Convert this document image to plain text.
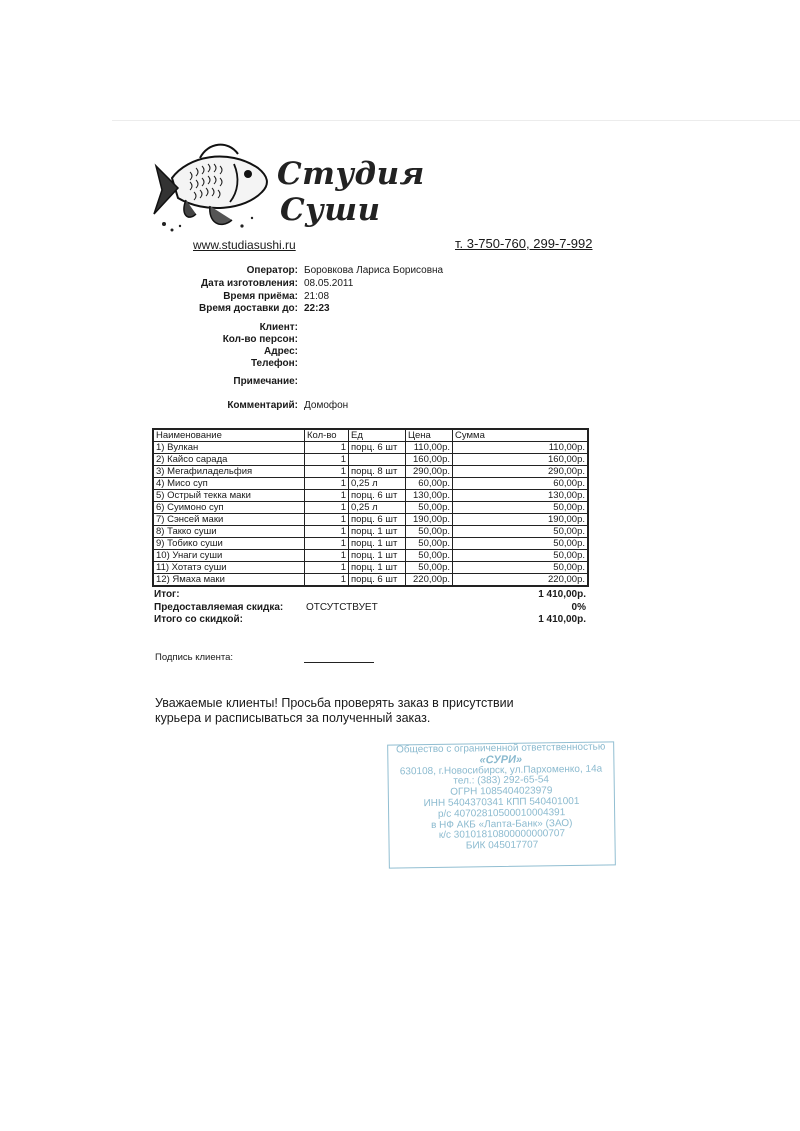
Студия
Суши
www.studiasushi.ru	т. 3-750-760, 299-7-992
Оператор: Боровкова Лариса Борисовна
Дата изготовления: 08.05.2011
Время приёма: 21:08
Время доставки до: 22:23
Клиент:
Кол-во персон:
Адрес:
Телефон:
Примечание:
Комментарий: Домофон
Наименование	Кол-во	Ед	Цена	Сумма
1) Вулкан	1	порц. 6 шт	110,00р.	110,00р.
2) Кайсо сарада	1		160,00р.	160,00р.
3) Мегафиладельфия	1	порц. 8 шт	290,00р.	290,00р.
4) Мисо суп	1	0,25 л	60,00р.	60,00р.
5) Острый текка маки	1	порц. 6 шт	130,00р.	130,00р.
6) Суимоно суп	1	0,25 л	50,00р.	50,00р.
7) Сэнсей маки	1	порц. 6 шт	190,00р.	190,00р.
8) Такко суши	1	порц. 1 шт	50,00р.	50,00р.
9) Тобико суши	1	порц. 1 шт	50,00р.	50,00р.
10) Унаги суши	1	порц. 1 шт	50,00р.	50,00р.
11) Хотатэ суши	1	порц. 1 шт	50,00р.	50,00р.
12) Ямаха маки	1	порц. 6 шт	220,00р.	220,00р.
Итог:	1 410,00р.
Предоставляемая скидка: ОТСУТСТВУЕТ	0%
Итого со скидкой:	1 410,00р.
Подпись клиента:
Уважаемые клиенты! Просьба проверять заказ в присутствии курьера и расписываться за полученный заказ.
Общество с ограниченной ответственностью
«СУРИ»
630108, г.Новосибирск, ул.Пархоменко, 14а
тел.: (383) 292-65-54
ОГРН 1085404023979
ИНН 5404370341 КПП 540401001
р/с 40702810500010004391
в НФ АКБ «Лanта-Банк» (ЗАО)
к/с 30101810800000000707
БИК 045017707
